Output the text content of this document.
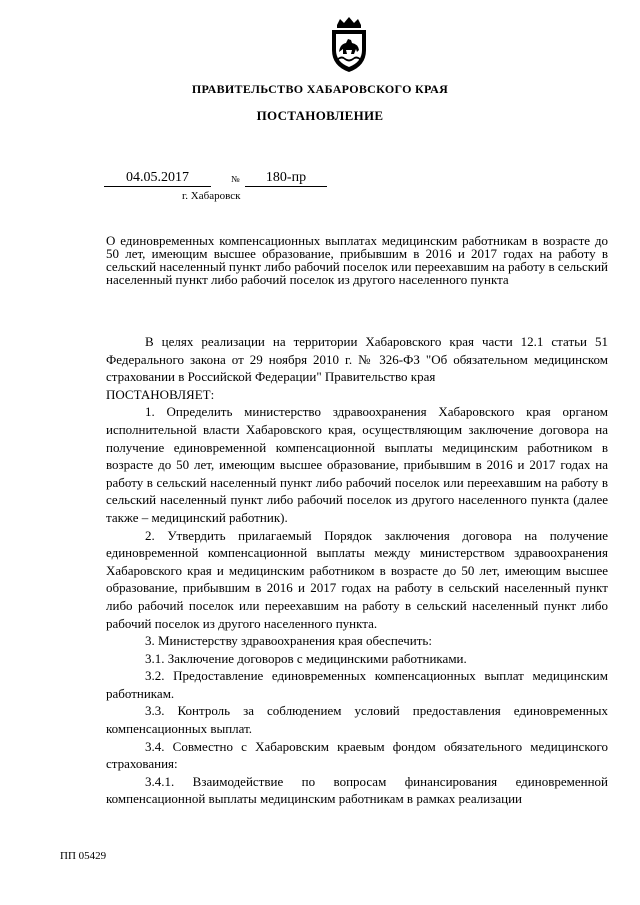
ПРАВИТЕЛЬСТВО ХАБАРОВСКОГО КРАЯ
ПОСТАНОВЛЕНИЕ
04.05.2017	№	180-пр
г. Хабаровск
О единовременных компенсационных выплатах медицинским работникам в возрасте до 50 лет, имеющим высшее образование, прибывшим в 2016 и 2017 годах на работу в сельский населенный пункт либо рабочий поселок или переехавшим на работу в сельский населенный пункт либо рабочий поселок из другого населенного пункта

В целях реализации на территории Хабаровского края части 12.1 статьи 51 Федерального закона от 29 ноября 2010 г. № 326-ФЗ "Об обязательном медицинском страховании в Российской Федерации" Правительство края

ПОСТАНОВЛЯЕТ:

1. Определить министерство здравоохранения Хабаровского края органом исполнительной власти Хабаровского края, осуществляющим заключение договора на получение единовременной компенсационной выплаты медицинским работником в возрасте до 50 лет, имеющим высшее образование, прибывшим в 2016 и 2017 годах на работу в сельский населенный пункт либо рабочий поселок или переехавшим на работу в сельский населенный пункт либо рабочий поселок из другого населенного пункта (далее также – медицинский работник).

2. Утвердить прилагаемый Порядок заключения договора на получение единовременной компенсационной выплаты между министерством здравоохранения Хабаровского края и медицинским работником в возрасте до 50 лет, имеющим высшее образование, прибывшим в 2016 и 2017 годах на работу в сельский населенный пункт либо рабочий поселок или переехавшим на работу в сельский населенный пункт либо рабочий поселок из другого населенного пункта.

3. Министерству здравоохранения края обеспечить:

3.1. Заключение договоров с медицинскими работниками.

3.2. Предоставление единовременных компенсационных выплат медицинским работникам.

3.3. Контроль за соблюдением условий предоставления единовременных компенсационных выплат.

3.4. Совместно с Хабаровским краевым фондом обязательного медицинского страхования:

3.4.1. Взаимодействие по вопросам финансирования единовременной компенсационной выплаты медицинским работникам в рамках реализации

ПП 05429
